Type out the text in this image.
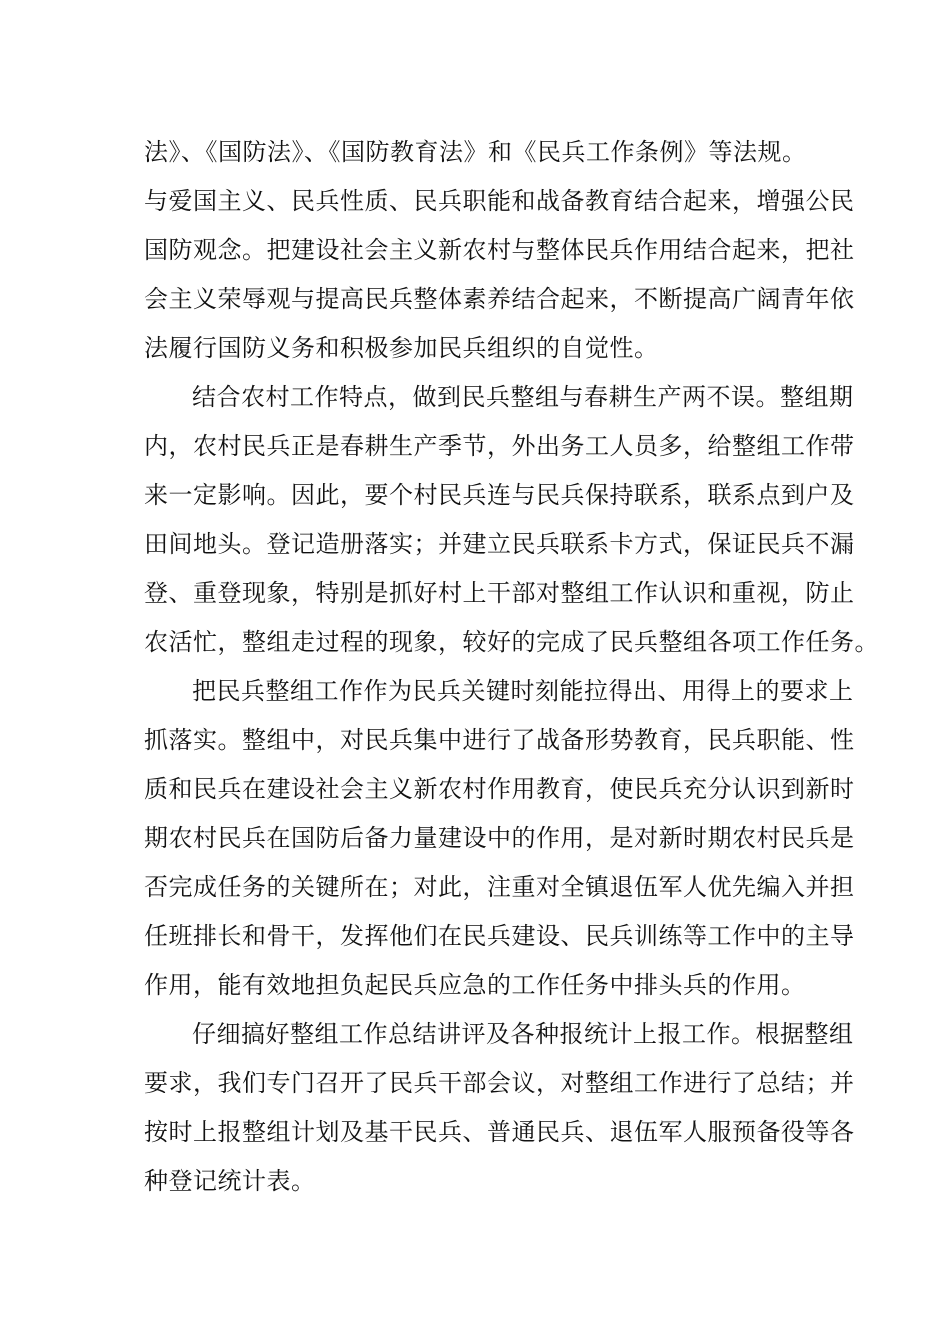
法》、《国防法》、《国防教育法》和《民兵工作条例》等法规。
与爱国主义、民兵性质、民兵职能和战备教育结合起来，增强公民
国防观念。把建设社会主义新农村与整体民兵作用结合起来，把社
会主义荣辱观与提高民兵整体素养结合起来，不断提高广阔青年依
法履行国防义务和积极参加民兵组织的自觉性。
结合农村工作特点，做到民兵整组与春耕生产两不误。整组期
内，农村民兵正是春耕生产季节，外出务工人员多，给整组工作带
来一定影响。因此，要个村民兵连与民兵保持联系，联系点到户及
田间地头。登记造册落实；并建立民兵联系卡方式，保证民兵不漏
登、重登现象，特别是抓好村上干部对整组工作认识和重视，防止
农活忙，整组走过程的现象，较好的完成了民兵整组各项工作任务。
把民兵整组工作作为民兵关键时刻能拉得出、用得上的要求上
抓落实。整组中，对民兵集中进行了战备形势教育，民兵职能、性
质和民兵在建设社会主义新农村作用教育，使民兵充分认识到新时
期农村民兵在国防后备力量建设中的作用，是对新时期农村民兵是
否完成任务的关键所在；对此，注重对全镇退伍军人优先编入并担
任班排长和骨干，发挥他们在民兵建设、民兵训练等工作中的主导
作用，能有效地担负起民兵应急的工作任务中排头兵的作用。
仔细搞好整组工作总结讲评及各种报统计上报工作。根据整组
要求，我们专门召开了民兵干部会议，对整组工作进行了总结；并
按时上报整组计划及基干民兵、普通民兵、退伍军人服预备役等各
种登记统计表。
